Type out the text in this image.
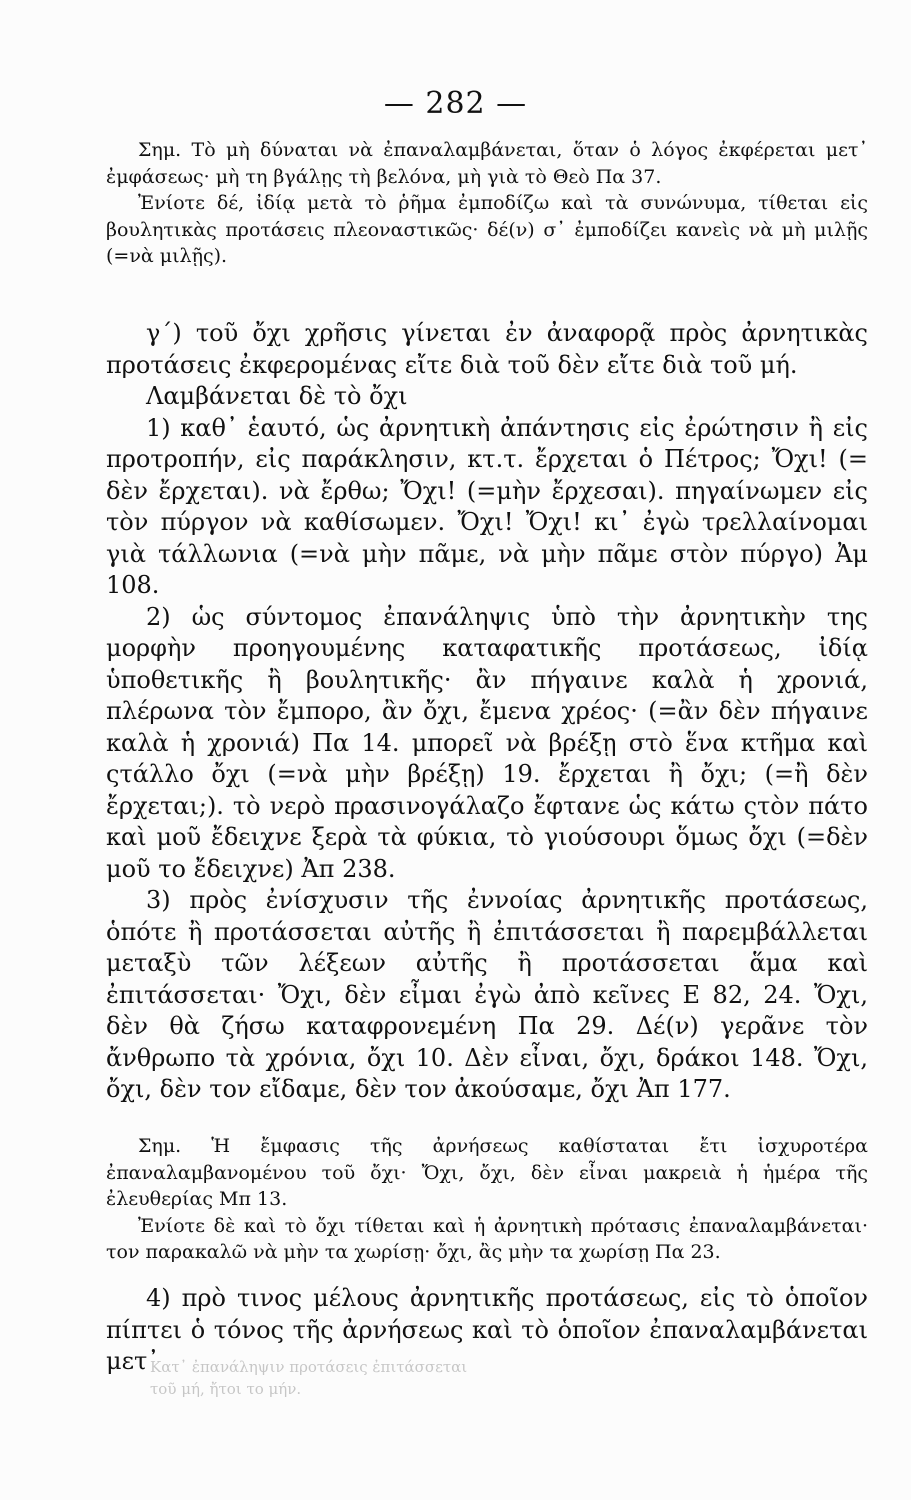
— 282 —

Σημ. Τὸ μὴ δύναται νὰ ἐπαναλαμβάνεται, ὅταν ὁ λόγος ἐκφέρεται μετ᾿ ἐμφάσεως· μὴ τη βγάλῃς τὴ βελόνα, μὴ γιὰ τὸ Θεὸ Πα 37.

Ἐνίοτε δέ, ἰδίᾳ μετὰ τὸ ῥῆμα ἐμποδίζω καὶ τὰ συνώνυμα, τίθεται εἰς βουλητικὰς προτάσεις πλεοναστικῶς· δέ(ν) σ᾿ ἐμποδίζει κανεὶς νὰ μὴ μιλῇς (=νὰ μιλῇς).

γ´) τοῦ ὄχι χρῆσις γίνεται ἐν ἀναφορᾷ πρὸς ἀρνητικὰς προτάσεις ἐκφερομένας εἴτε διὰ τοῦ δὲν εἴτε διὰ τοῦ μή.

Λαμβάνεται δὲ τὸ ὄχι

1) καθ᾿ ἑαυτό, ὡς ἀρνητικὴ ἀπάντησις εἰς ἐρώτησιν ἢ εἰς προτροπήν, εἰς παράκλησιν, κτ.τ. ἔρχεται ὁ Πέτρος; Ὄχι! (= δὲν ἔρχεται). νὰ ἔρθω; Ὄχι! (=μὴν ἔρχεσαι). πηγαίνωμεν εἰς τὸν πύργον νὰ καθίσωμεν. Ὄχι! Ὄχι! κι᾿ ἐγὼ τρελλαίνομαι γιὰ τάλλωνια (=νὰ μὴν πᾶμε, νὰ μὴν πᾶμε στὸν πύργο) Ἀμ 108.

2) ὡς σύντομος ἐπανάληψις ὑπὸ τὴν ἀρνητικὴν της μορφὴν προηγουμένης καταφατικῆς προτάσεως, ἰδίᾳ ὑποθετικῆς ἢ βουλητικῆς· ἂν πήγαινε καλὰ ἡ χρονιά, πλέρωνα τὸν ἔμπορο, ἂν ὄχι, ἔμενα χρέος· (=ἂν δὲν πήγαινε καλὰ ἡ χρονιά) Πα 14. μπορεῖ νὰ βρέξῃ στὸ ἕνα κτῆμα καὶ ςτάλλο ὄχι (=νὰ μὴν βρέξῃ) 19. ἔρχεται ἢ ὄχι; (=ἢ δὲν ἔρχεται;). τὸ νερὸ πρασινογάλαζο ἔφτανε ὡς κάτω ςτὸν πάτο καὶ μοῦ ἔδειχνε ξερὰ τὰ φύκια, τὸ γιούσουρι ὅμως ὄχι (=δὲν μοῦ το ἔδειχνε) Ἀπ 238.

3) πρὸς ἐνίσχυσιν τῆς ἐννοίας ἀρνητικῆς προτάσεως, ὁπότε ἢ προτάσσεται αὐτῆς ἢ ἐπιτάσσεται ἢ παρεμβάλλεται μεταξὺ τῶν λέξεων αὐτῆς ἢ προτάσσεται ἅμα καὶ ἐπιτάσσεται· Ὄχι, δὲν εἶμαι ἐγὼ ἀπὸ κεῖνες Ε 82, 24. Ὄχι, δὲν θὰ ζήσω καταφρονεμένη Πα 29. Δέ(ν) γερᾶνε τὸν ἄνθρωπο τὰ χρόνια, ὄχι 10. Δὲν εἶναι, ὄχι, δράκοι 148. Ὄχι, ὄχι, δὲν τον εἴδαμε, δὲν τον ἀκούσαμε, ὄχι Ἀπ 177.

Σημ. Ἡ ἔμφασις τῆς ἀρνήσεως καθίσταται ἔτι ἰσχυροτέρα ἐπαναλαμβανομένου τοῦ ὄχι· Ὄχι, ὄχι, δὲν εἶναι μακρειὰ ἡ ἡμέρα τῆς ἐλευθερίας Μπ 13.

Ἐνίοτε δὲ καὶ τὸ ὄχι τίθεται καὶ ἡ ἀρνητικὴ πρότασις ἐπαναλαμβάνεται· τον παρακαλῶ νὰ μὴν τα χωρίσῃ· ὄχι, ἂς μὴν τα χωρίσῃ Πα 23.

4) πρὸ τινος μέλους ἀρνητικῆς προτάσεως, εἰς τὸ ὁποῖον πίπτει ὁ τόνος τῆς ἀρνήσεως καὶ τὸ ὁποῖον ἐπαναλαμβάνεται μετ᾿

Κατ᾿ ἐπανάληψιν προτάσεις ἐπιτάσσεται
τοῦ μή, ἤτοι το μήν.
